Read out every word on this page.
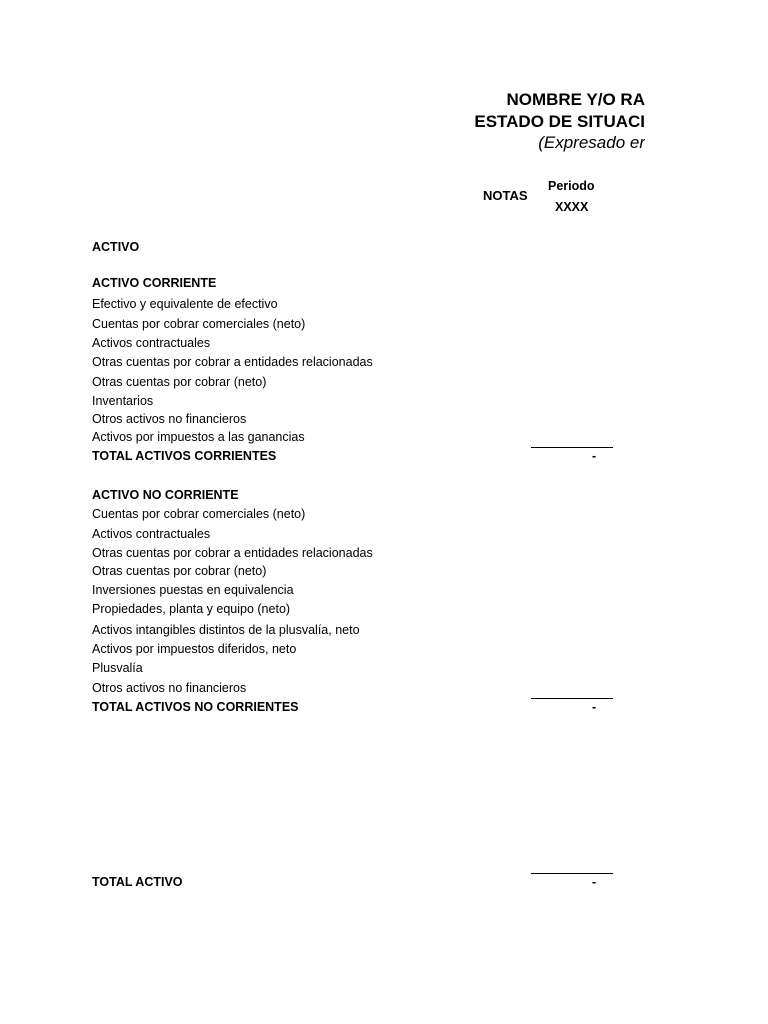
NOMBRE Y/O RA
ESTADO DE SITUACI
(Expresado er
NOTAS
Periodo
XXXX
ACTIVO
ACTIVO CORRIENTE
Efectivo y equivalente de efectivo
Cuentas por cobrar comerciales (neto)
Activos contractuales
Otras cuentas por cobrar a entidades relacionadas
Otras cuentas por cobrar (neto)
Inventarios
Otros activos no financieros
Activos por impuestos a las ganancias
TOTAL ACTIVOS CORRIENTES	-
ACTIVO NO CORRIENTE
Cuentas por cobrar comerciales (neto)
Activos contractuales
Otras cuentas por cobrar a entidades relacionadas
Otras cuentas por cobrar (neto)
Inversiones puestas en equivalencia
Propiedades, planta y equipo (neto)
Activos intangibles distintos de la plusvalía, neto
Activos por impuestos diferidos, neto
Plusvalía
Otros activos no financieros
TOTAL ACTIVOS NO CORRIENTES	-
TOTAL ACTIVO	-
